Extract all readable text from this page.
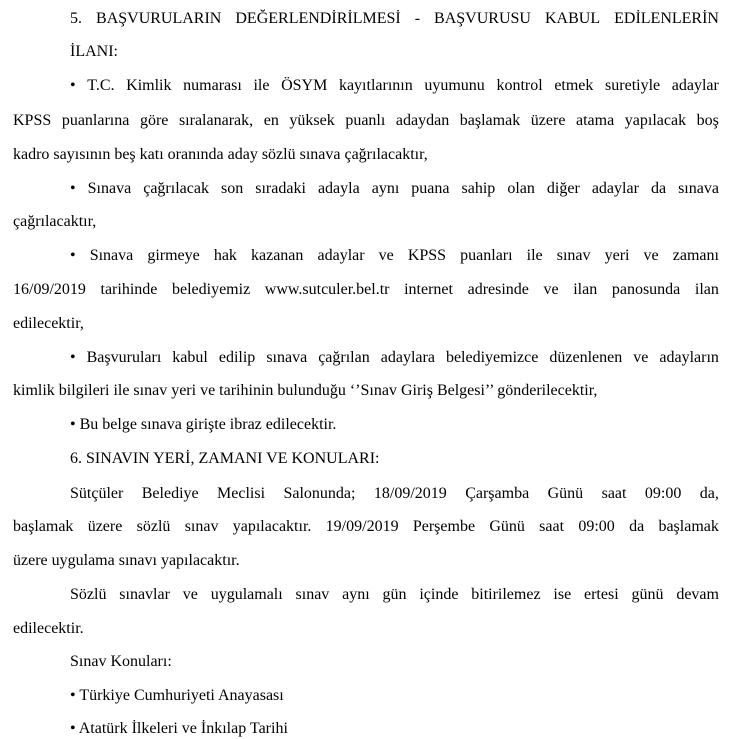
5. BAŞVURULARIN DEĞERLENDİRİLMESİ - BAŞVURUSU KABUL EDİLENLERİN
İLANI:
• T.C. Kimlik numarası ile ÖSYM kayıtlarının uyumunu kontrol etmek suretiyle adaylar
KPSS puanlarına göre sıralanarak, en yüksek puanlı adaydan başlamak üzere atama yapılacak boş
kadro sayısının beş katı oranında aday sözlü sınava çağrılacaktır,
• Sınava çağrılacak son sıradaki adayla aynı puana sahip olan diğer adaylar da sınava
çağrılacaktır,
• Sınava girmeye hak kazanan adaylar ve KPSS puanları ile sınav yeri ve zamanı
16/09/2019 tarihinde belediyemiz www.sutculer.bel.tr internet adresinde ve ilan panosunda ilan
edilecektir,
• Başvuruları kabul edilip sınava çağrılan adaylara belediyemizce düzenlenen ve adayların
kimlik bilgileri ile sınav yeri ve tarihinin bulunduğu ‘’Sınav Giriş Belgesi’’ gönderilecektir,
• Bu belge sınava girişte ibraz edilecektir.
6. SINAVIN YERİ, ZAMANI VE KONULARI:
Sütçüler Belediye Meclisi Salonunda; 18/09/2019 Çarşamba Günü saat 09:00 da,
başlamak üzere sözlü sınav yapılacaktır. 19/09/2019 Perşembe Günü saat 09:00 da başlamak
üzere uygulama sınavı yapılacaktır.
Sözlü sınavlar ve uygulamalı sınav aynı gün içinde bitirilemez ise ertesi günü devam
edilecektir.
Sınav Konuları:
• Türkiye Cumhuriyeti Anayasası
• Atatürk İlkeleri ve İnkılap Tarihi
